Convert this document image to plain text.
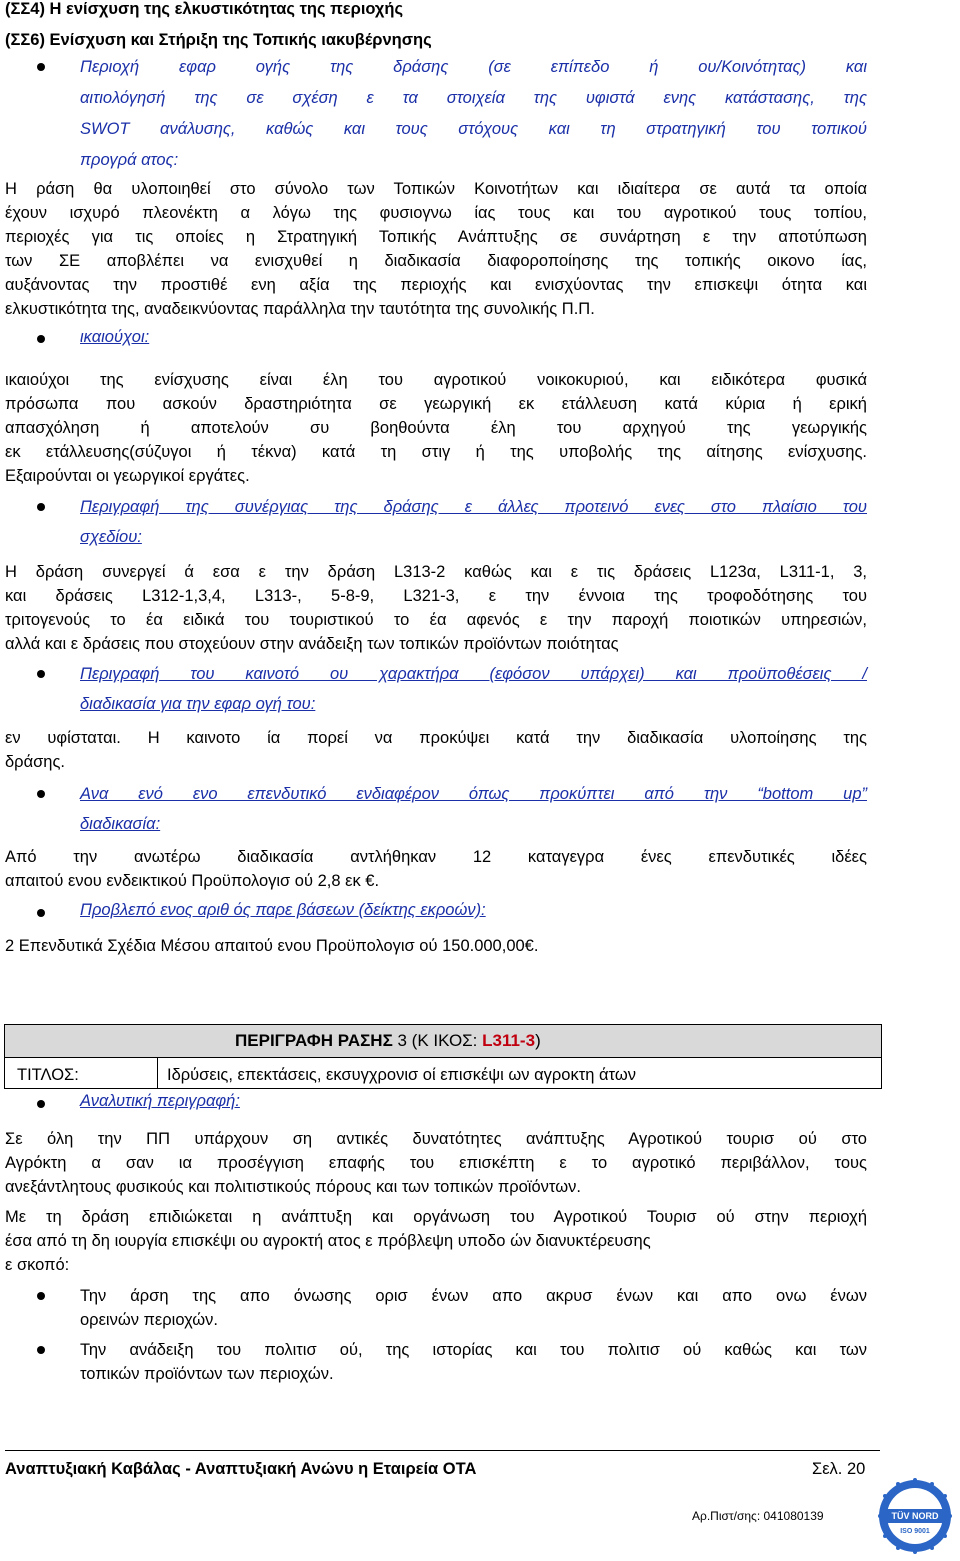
(ΣΣ4) Η ενίσχυση της ελκυστικότητας της περιοχής
(ΣΣ6) Ενίσχυση και Στήριξη της Τοπικής ιακυβέρνησης
Περιοχή εφαρ ογής της δράσης (σε επίπεδο ή ου/Κοινότητας) και
αιτιολόγησή της σε σχέση ε τα στοιχεία της υφιστά ενης κατάστασης, της
SWOT ανάλυσης, καθώς και τους στόχους και τη στρατηγική του τοπικού
προγρά ατος:
Η ράση θα υλοποιηθεί στο σύνολο των Τοπικών Κοινοτήτων και ιδιαίτερα σε αυτά τα οποία
έχουν ισχυρό πλεονέκτη α λόγω της φυσιογνω ίας τους και του αγροτικού τους τοπίου,
περιοχές για τις οποίες η Στρατηγική Τοπικής Ανάπτυξης σε συνάρτηση ε την αποτύπωση
των ΣΕ αποβλέπει να ενισχυθεί η διαδικασία διαφοροποίησης της τοπικής οικονο ίας,
αυξάνοντας την προστιθέ ενη αξία της περιοχής και ενισχύοντας την επισκεψι ότητα και
ελκυστικότητα της, αναδεικνύοντας παράλληλα την ταυτότητα της συνολικής Π.Π.
ικαιούχοι:
ικαιούχοι της ενίσχυσης είναι έλη του αγροτικού νοικοκυριού, και ειδικότερα φυσικά
πρόσωπα που ασκούν δραστηριότητα σε γεωργική εκ ετάλλευση κατά κύρια ή ερική
απασχόληση ή αποτελούν συ βοηθούντα έλη του αρχηγού της γεωργικής
εκ ετάλλευσης(σύζυγοι ή τέκνα) κατά τη στιγ ή της υποβολής της αίτησης ενίσχυσης.
Εξαιρούνται οι γεωργικοί εργάτες.
Περιγραφή της συνέργιας της δράσης ε άλλες προτεινό ενες στο πλαίσιο του
σχεδίου:
Η δράση συνεργεί ά εσα ε την δράση L313-2 καθώς και ε τις δράσεις L123α, L311-1, 3,
και δράσεις L312-1,3,4, L313-, 5-8-9, L321-3, ε την έννοια της τροφοδότησης του
τριτογενούς το έα ειδικά του τουριστικού το έα αφενός ε την παροχή ποιοτικών υπηρεσιών,
αλλά και ε δράσεις που στοχεύουν στην ανάδειξη των τοπικών προϊόντων ποιότητας
Περιγραφή του καινοτό ου χαρακτήρα (εφόσον υπάρχει) και προϋποθέσεις /
διαδικασία για την εφαρ ογή του:
εν υφίσταται. Η καινοτο ία πορεί να προκύψει κατά την διαδικασία υλοποίησης της
δράσης.
Ανα ενό ενο επενδυτικό ενδιαφέρον όπως προκύπτει από την “bottom up”
διαδικασία:
Από την ανωτέρω διαδικασία αντλήθηκαν 12 καταγεγρα ένες επενδυτικές ιδέες
απαιτού ενου ενδεικτικού Προϋπολογισ ού 2,8 εκ €.
Προβλεπό ενος αριθ ός παρε βάσεων (δείκτης εκροών):
2 Επενδυτικά Σχέδια Μέσου απαιτού ενου Προϋπολογισ ού 150.000,00€.
ΠΕΡΙΓΡΑΦΗ ΡΑΣΗΣ 3 (Κ ΙΚΟΣ: L311-3)
ΤΙΤΛΟΣ:	Ιδρύσεις, επεκτάσεις, εκσυγχρονισ οί επισκέψι ων αγροκτη άτων
Αναλυτική περιγραφή:
Σε όλη την ΠΠ υπάρχουν ση αντικές δυνατότητες ανάπτυξης Αγροτικού τουρισ ού στο
Αγρόκτη α σαν ια προσέγγιση επαφής του επισκέπτη ε το αγροτικό περιβάλλον, τους
ανεξάντλητους φυσικούς και πολιτιστικούς πόρους και των τοπικών προϊόντων.
Με τη δράση επιδιώκεται η ανάπτυξη και οργάνωση του Αγροτικού Τουρισ ού στην περιοχή
έσα από τη δη ιουργία επισκέψι ου αγροκτή ατος ε πρόβλεψη υποδο ών διανυκτέρευσης
ε σκοπό:
Την άρση της απο όνωσης ορισ ένων απο ακρυσ ένων και απο ονω ένων
ορεινών περιοχών.
Την ανάδειξη του πολιτισ ού, της ιστορίας και του πολιτισ ού καθώς και των
τοπικών προϊόντων των περιοχών.
Αναπτυξιακή Καβάλας - Αναπτυξιακή Ανώνυ η Εταιρεία ΟΤΑ	Σελ. 20
Αρ.Πιστ/σης: 041080139	TÜV NORD
ISO 9001
